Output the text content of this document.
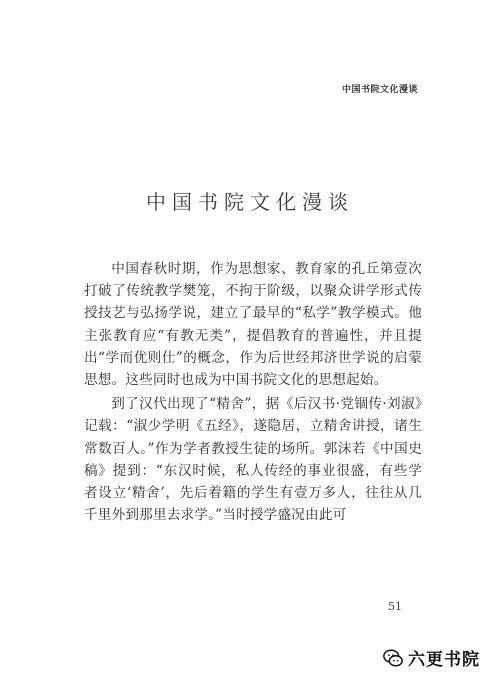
中国书院文化漫谈
中国书院文化漫谈

中国春秋时期，作为思想家、教育家的孔丘第壹次打破了传统教学樊笼，不拘于阶级，以聚众讲学形式传授技艺与弘扬学说，建立了最早的“私学”教学模式。他主张教育应“有教无类”，提倡教育的普遍性，并且提出“学而优则仕”的概念，作为后世经邦济世学说的启蒙思想。这些同时也成为中国书院文化的思想起始。

到了汉代出现了“精舍”，据《后汉书·党锢传·刘淑》记载：“淑少学明《五经》，遂隐居，立精舍讲授，诸生常数百人。”作为学者教授生徒的场所。郭沫若《中国史稿》提到：“东汉时候，私人传经的事业很盛，有些学者设立‘精舍’，先后着籍的学生有壹万多人，往往从几千里外到那里去求学。”当时授学盛况由此可

51
六更书院
